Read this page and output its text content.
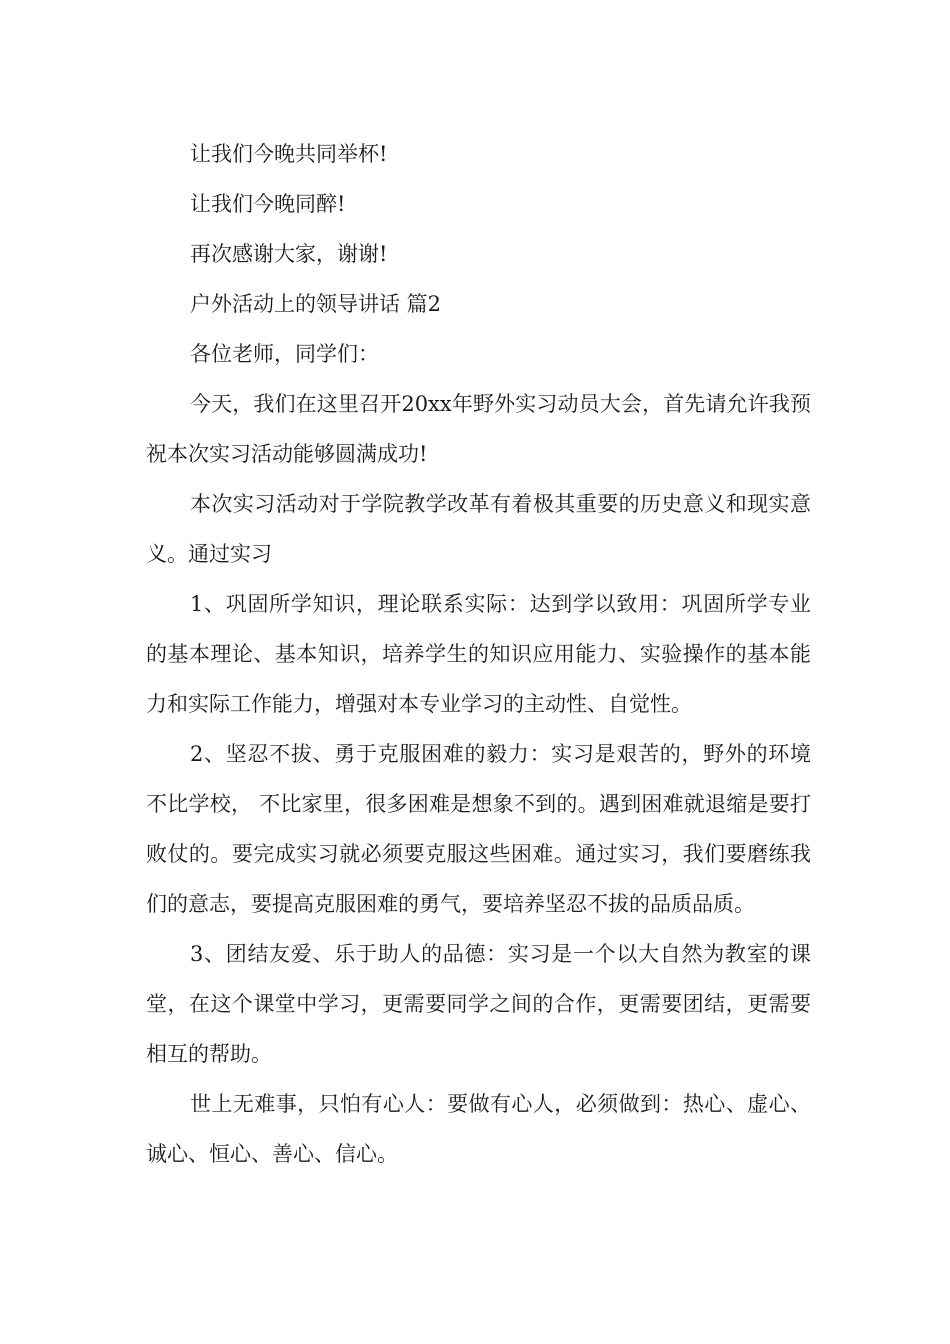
让我们今晚共同举杯!

让我们今晚同醉!

再次感谢大家，谢谢!

户外活动上的领导讲话 篇2

各位老师，同学们：

今天，我们在这里召开20xx年野外实习动员大会，首先请允许我预祝本次实习活动能够圆满成功!

本次实习活动对于学院教学改革有着极其重要的历史意义和现实意义。通过实习

1、巩固所学知识，理论联系实际：达到学以致用：巩固所学专业的基本理论、基本知识，培养学生的知识应用能力、实验操作的基本能力和实际工作能力，增强对本专业学习的主动性、自觉性。

2、坚忍不拔、勇于克服困难的毅力：实习是艰苦的，野外的环境不比学校， 不比家里，很多困难是想象不到的。遇到困难就退缩是要打败仗的。要完成实习就必须要克服这些困难。通过实习，我们要磨练我们的意志，要提高克服困难的勇气，要培养坚忍不拔的品质品质。

3、团结友爱、乐于助人的品德：实习是一个以大自然为教室的课堂，在这个课堂中学习，更需要同学之间的合作，更需要团结，更需要相互的帮助。

世上无难事，只怕有心人：要做有心人，必须做到：热心、虚心、诚心、恒心、善心、信心。
